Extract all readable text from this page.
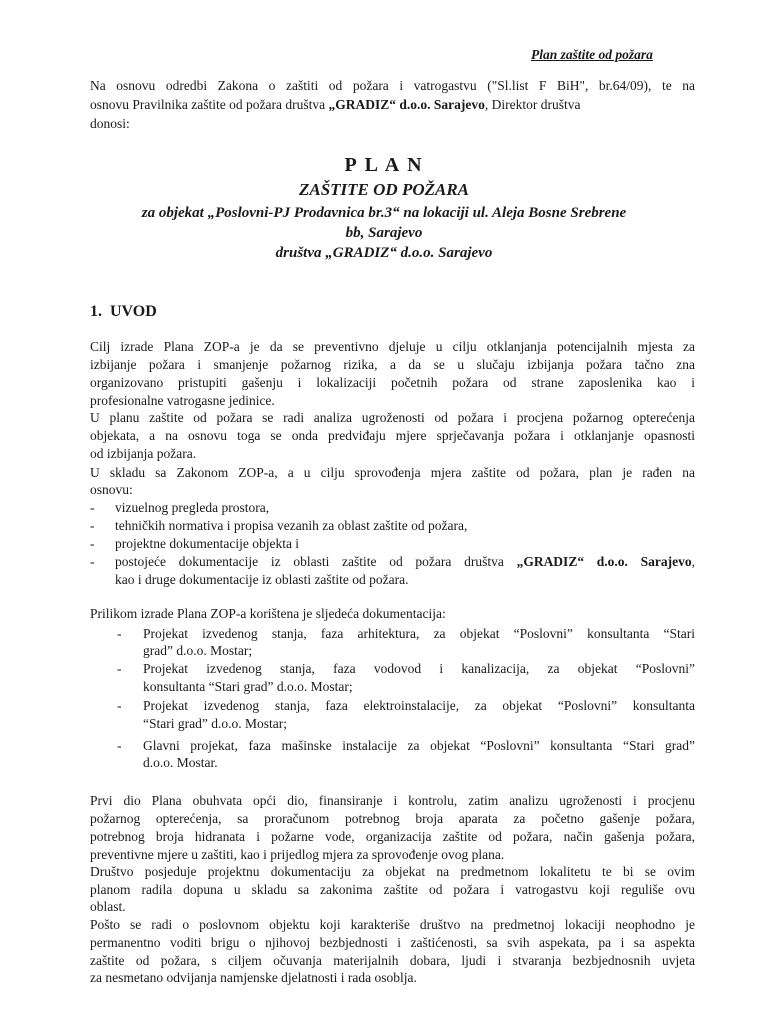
Plan zaštite od požara
Na osnovu odredbi Zakona o zaštiti od požara i vatrogastvu ("Sl.list F BiH", br.64/09), te na
osnovu Pravilnika zaštite od požara društva „GRADIZ“ d.o.o. Sarajevo, Direktor društva
donosi:
P L A N
ZAŠTITE OD POŽARA
za objekat „Poslovni-PJ Prodavnica br.3“ na lokaciji ul. Aleja Bosne Srebrene
bb, Sarajevo
društva „GRADIZ“ d.o.o. Sarajevo
1. UVOD
Cilj izrade Plana ZOP-a je da se preventivno djeluje u cilju otklanjanja potencijalnih mjesta za
izbijanje požara i smanjenje požarnog rizika, a da se u slučaju izbijanja požara tačno zna
organizovano pristupiti gašenju i lokalizaciji početnih požara od strane zaposlenika kao i
profesionalne vatrogasne jedinice.
U planu zaštite od požara se radi analiza ugroženosti od požara i procjena požarnog opterećenja
objekata, a na osnovu toga se onda predviđaju mjere sprječavanja požara i otklanjanje opasnosti
od izbijanja požara.
U skladu sa Zakonom ZOP-a, a u cilju sprovođenja mjera zaštite od požara, plan je rađen na
osnovu:
- vizuelnog pregleda prostora,
- tehničkih normativa i propisa vezanih za oblast zaštite od požara,
- projektne dokumentacije objekta i
- postojeće dokumentacije iz oblasti zaštite od požara društva „GRADIZ“ d.o.o. Sarajevo,
kao i druge dokumentacije iz oblasti zaštite od požara.
Prilikom izrade Plana ZOP-a korištena je sljedeća dokumentacija:
- Projekat izvedenog stanja, faza arhitektura, za objekat “Poslovni” konsultanta “Stari
grad” d.o.o. Mostar;
- Projekat izvedenog stanja, faza vodovod i kanalizacija, za objekat “Poslovni”
konsultanta “Stari grad” d.o.o. Mostar;
- Projekat izvedenog stanja, faza elektroinstalacije, za objekat “Poslovni” konsultanta
“Stari grad” d.o.o. Mostar;
- Glavni projekat, faza mašinske instalacije za objekat “Poslovni” konsultanta “Stari grad”
d.o.o. Mostar.
Prvi dio Plana obuhvata opći dio, finansiranje i kontrolu, zatim analizu ugroženosti i procjenu
požarnog opterećenja, sa proračunom potrebnog broja aparata za početno gašenje požara,
potrebnog broja hidranata i požarne vode, organizacija zaštite od požara, način gašenja požara,
preventivne mjere u zaštiti, kao i prijedlog mjera za sprovođenje ovog plana.
Društvo posjeduje projektnu dokumentaciju za objekat na predmetnom lokalitetu te bi se ovim
planom radila dopuna u skladu sa zakonima zaštite od požara i vatrogastvu koji reguliše ovu
oblast.
Pošto se radi o poslovnom objektu koji karakteriše društvo na predmetnoj lokaciji neophodno je
permanentno voditi brigu o njihovoj bezbjednosti i zaštićenosti, sa svih aspekata, pa i sa aspekta
zaštite od požara, s ciljem očuvanja materijalnih dobara, ljudi i stvaranja bezbjednosnih uvjeta
za nesmetano odvijanja namjenske djelatnosti i rada osoblja.
